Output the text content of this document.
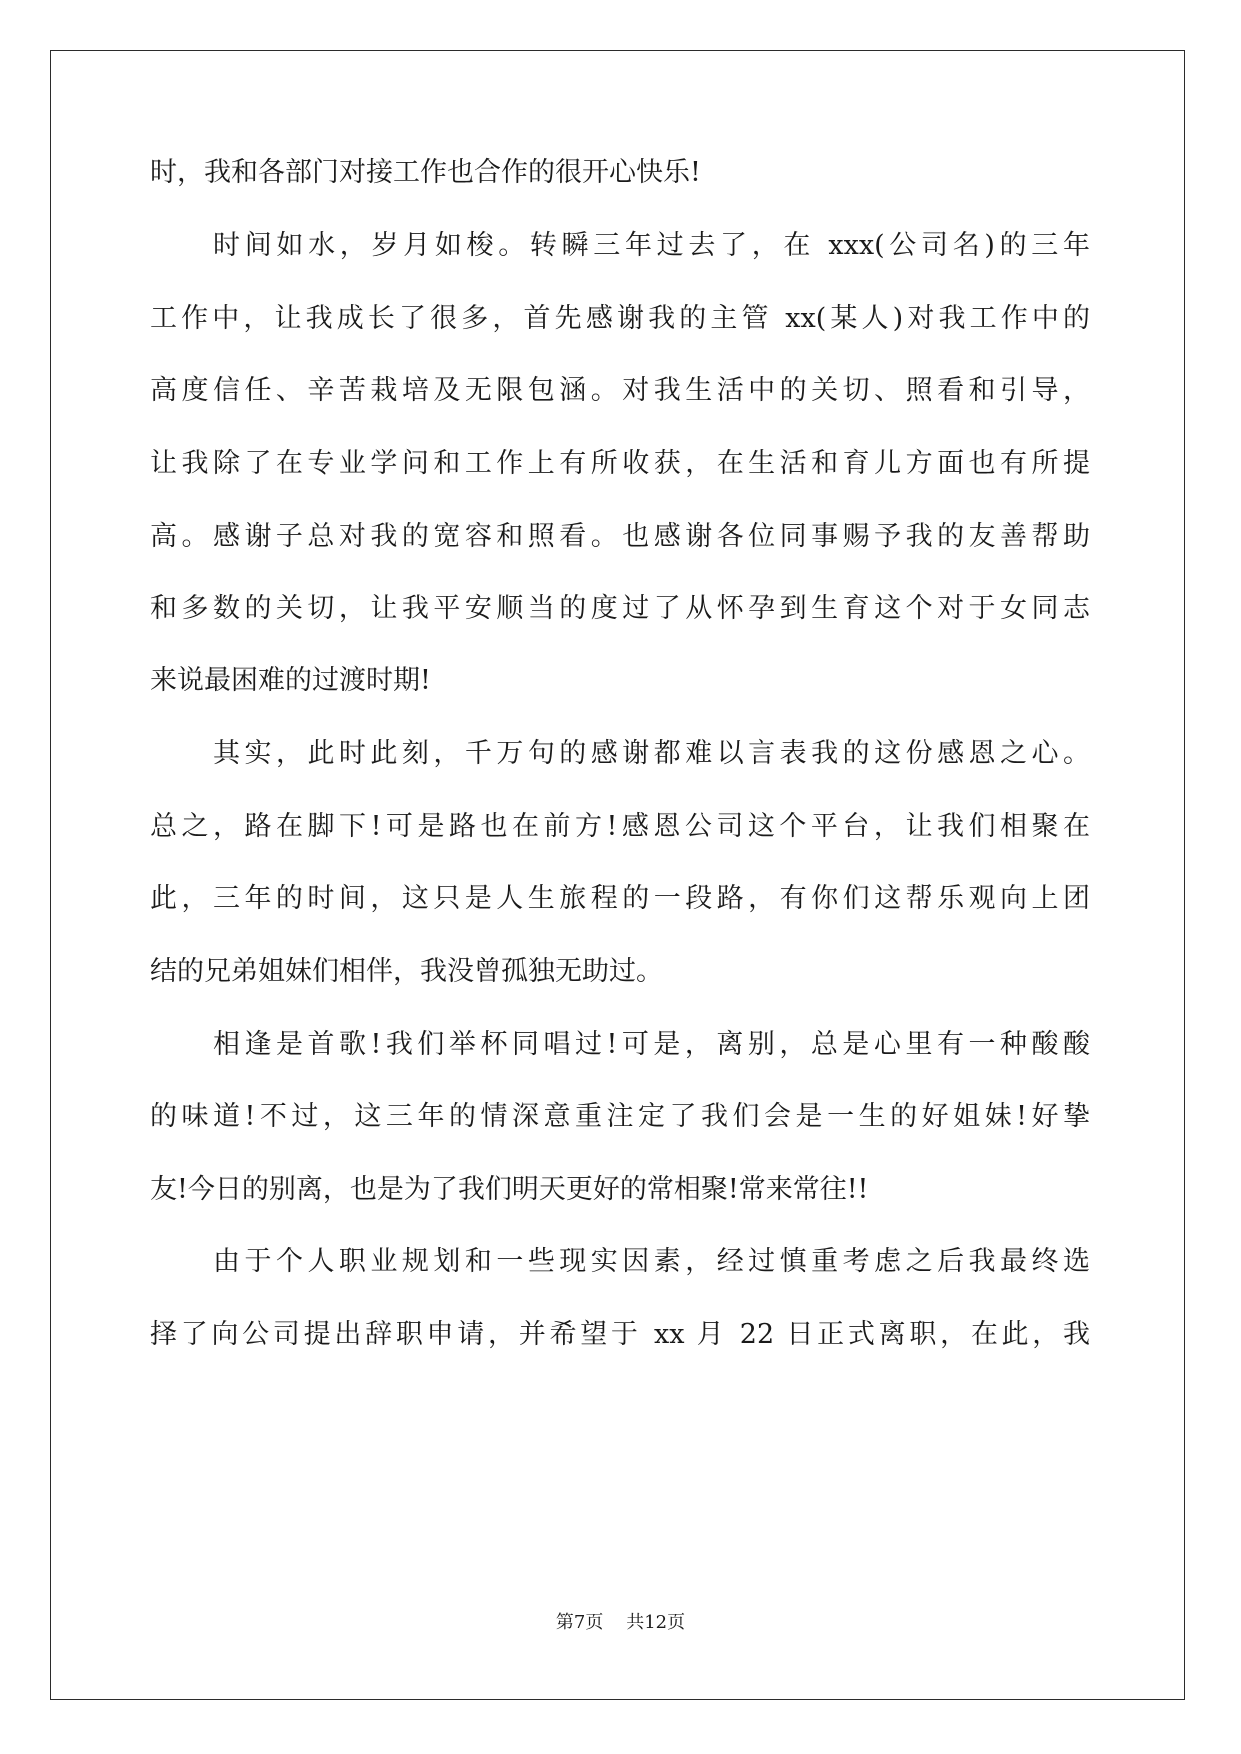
时，我和各部门对接工作也合作的很开心快乐!
时间如水，岁月如梭。转瞬三年过去了，在 xxx(公司名)的三年
工作中，让我成长了很多，首先感谢我的主管 xx(某人)对我工作中的
高度信任、辛苦栽培及无限包涵。对我生活中的关切、照看和引导，
让我除了在专业学问和工作上有所收获，在生活和育儿方面也有所提
高。感谢子总对我的宽容和照看。也感谢各位同事赐予我的友善帮助
和多数的关切，让我平安顺当的度过了从怀孕到生育这个对于女同志
来说最困难的过渡时期!
其实，此时此刻，千万句的感谢都难以言表我的这份感恩之心。
总之，路在脚下!可是路也在前方!感恩公司这个平台，让我们相聚在
此，三年的时间，这只是人生旅程的一段路，有你们这帮乐观向上团
结的兄弟姐妹们相伴，我没曾孤独无助过。
相逢是首歌!我们举杯同唱过!可是，离别，总是心里有一种酸酸
的味道!不过，这三年的情深意重注定了我们会是一生的好姐妹!好挚
友!今日的别离，也是为了我们明天更好的常相聚!常来常往!!
由于个人职业规划和一些现实因素，经过慎重考虑之后我最终选
择了向公司提出辞职申请，并希望于 xx 月 22 日正式离职，在此，我
第7页    共12页
